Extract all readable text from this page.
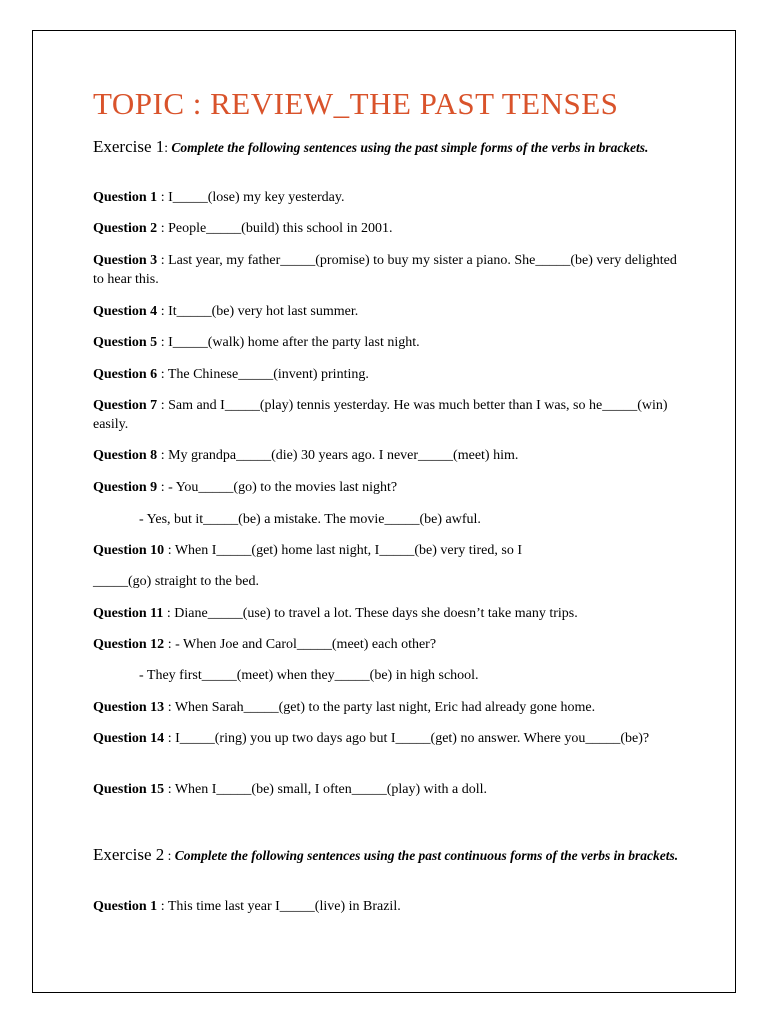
TOPIC : REVIEW_THE PAST TENSES

Exercise 1: Complete the following sentences using the past simple forms of the verbs in brackets.

Question 1 : I_____(lose) my key yesterday.

Question 2 : People_____(build) this school in 2001.

Question 3 : Last year, my father_____(promise) to buy my sister a piano. She_____(be) very delighted to hear this.

Question 4 : It_____(be) very hot last summer.

Question 5 : I_____(walk) home after the party last night.

Question 6 : The Chinese_____(invent) printing.

Question 7 : Sam and I_____(play) tennis yesterday. He was much better than I was, so he_____(win) easily.

Question 8 : My grandpa_____(die) 30 years ago. I never_____(meet) him.

Question 9 : - You_____(go) to the movies last night?

- Yes, but it_____(be) a mistake. The movie_____(be) awful.

Question 10 : When I_____(get) home last night, I_____(be) very tired, so I

_____(go) straight to the bed.

Question 11 : Diane_____(use) to travel a lot. These days she doesn’t take many trips.

Question 12 : - When Joe and Carol_____(meet) each other?

- They first_____(meet) when they_____(be) in high school.

Question 13 : When Sarah_____(get) to the party last night, Eric had already gone home.

Question 14 : I_____(ring) you up two days ago but I_____(get) no answer. Where you_____(be)?

Question 15 : When I_____(be) small, I often_____(play) with a doll.

Exercise 2 : Complete the following sentences using the past continuous forms of the verbs in brackets.

Question 1 : This time last year I_____(live) in Brazil.
